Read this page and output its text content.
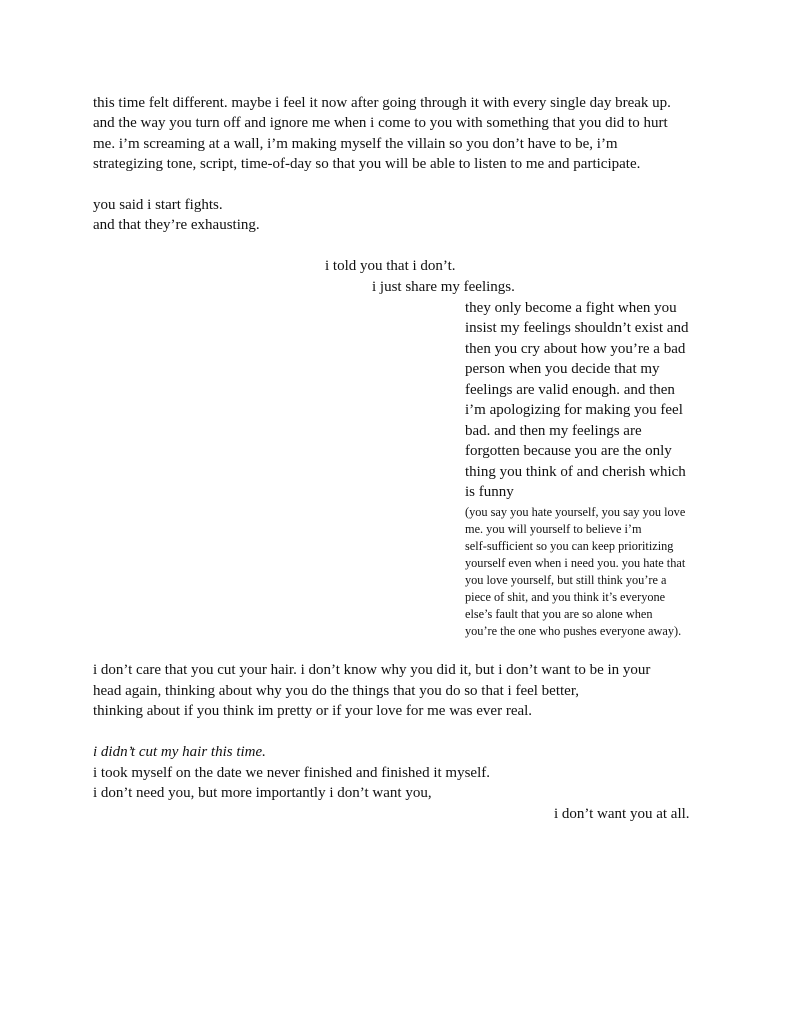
this time felt different. maybe i feel it now after going through it with every single day break up.
and the way you turn off and ignore me when i come to you with something that you did to hurt
me. i’m screaming at a wall, i’m making myself the villain so you don’t have to be, i’m
strategizing tone, script, time-of-day so that you will be able to listen to me and participate.
you said i start fights.
and that they’re exhausting.
i told you that i don’t.
i just share my feelings.
they only become a fight when you
insist my feelings shouldn’t exist and
then you cry about how you’re a bad
person when you decide that my
feelings are valid enough. and then
i’m apologizing for making you feel
bad. and then my feelings are
forgotten because you are the only
thing you think of and cherish which
is funny
(you say you hate yourself, you say you love
me. you will yourself to believe i’m
self-sufficient so you can keep prioritizing
yourself even when i need you. you hate that
you love yourself, but still think you’re a
piece of shit, and you think it’s everyone
else’s fault that you are so alone when
you’re the one who pushes everyone away).
i don’t care that you cut your hair. i don’t know why you did it, but i don’t want to be in your
head again, thinking about why you do the things that you do so that i feel better,
thinking about if you think im pretty or if your love for me was ever real.
i didn’t cut my hair this time.
i took myself on the date we never finished and finished it myself.
i don’t need you, but more importantly i don’t want you,
i don’t want you at all.
